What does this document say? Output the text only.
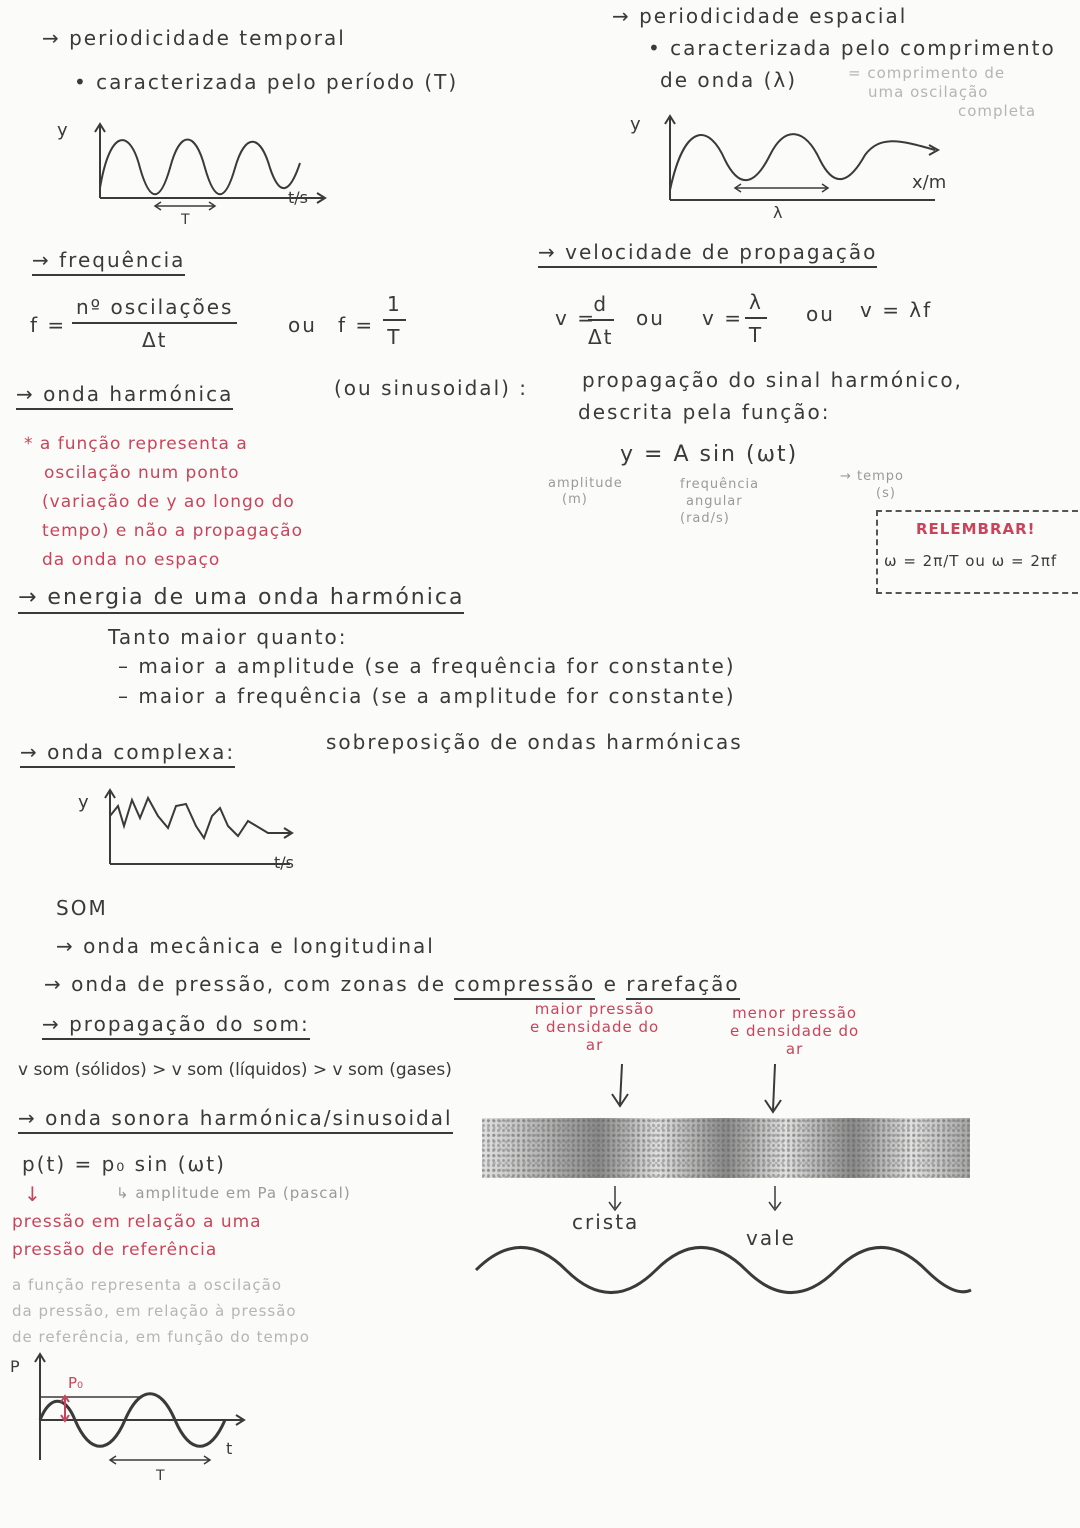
→ periodicidade temporal
• caracterizada pelo período (T)
y
t/s
T
→ periodicidade espacial
• caracterizada pelo comprimento
de onda (λ)	= comprimento de
uma oscilação
completa
y
x/m
λ
→ frequência
f =
nº oscilações
Δt
ou $f = \frac{1}{T}$
→ velocidade de propagação
v =
$\frac{d}{\Delta t}$ ou $v = \frac{\lambda}{T}$ ou v = λf
→ onda harmónica	(ou sinusoidal) :	propagação do sinal harmónico,
descrita pela função:
y = A sin (ωt)
amplitude
(m)
frequência
angular
(rad/s)
→ tempo
(s)
* a função representa a
oscilação num ponto
(variação de y ao longo do
tempo) e não a propagação
da onda no espaço
RELEMBRAR!
ω = 2π/T ou ω = 2πf
→ energia de uma onda harmónica
Tanto maior quanto:
– maior a amplitude (se a frequência for constante)
– maior a frequência (se a amplitude for constante)
→ onda complexa:	sobreposição de ondas harmónicas
y
t/s
SOM
→ onda mecânica e longitudinal
→ onda de pressão, com zonas de compressão e rarefação
maior pressão
e densidade do
ar
menor pressão
e densidade do
ar
→ propagação do som:
v som (sólidos) > v som (líquidos) > v som (gases)
→ onda sonora harmónica/sinusoidal
crista
vale
p(t) = p₀ sin (ωt)
↓	↳ amplitude em Pa (pascal)
pressão em relação a uma
pressão de referência
a função representa a oscilação
da pressão, em relação à pressão
de referência, em função do tempo
P
P₀
t
T
